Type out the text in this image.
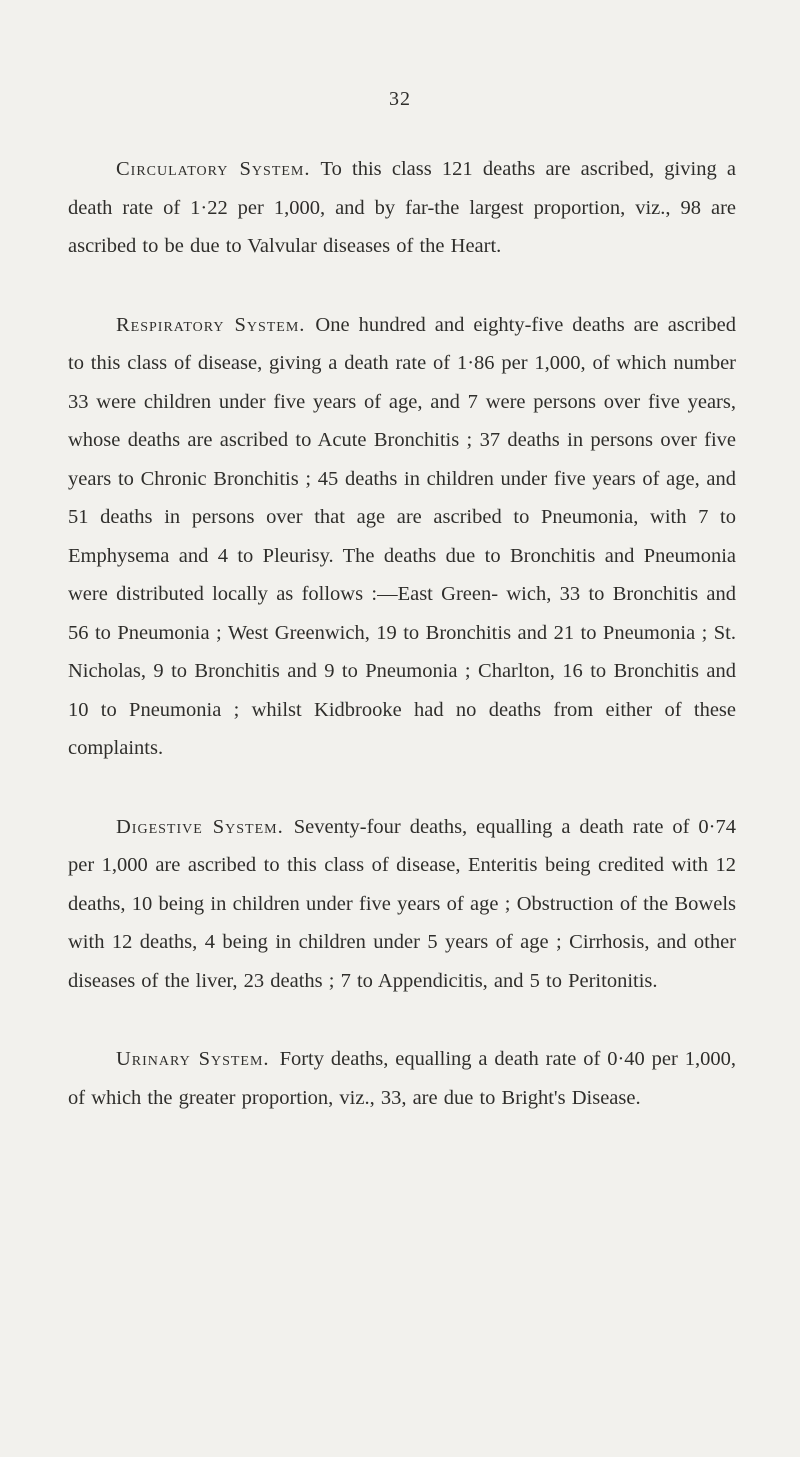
32

Circulatory System. To this class 121 deaths are ascribed, giving a death rate of 1·22 per 1,000, and by far-the largest proportion, viz., 98 are ascribed to be due to Valvular diseases of the Heart.

Respiratory System. One hundred and eighty-five deaths are ascribed to this class of disease, giving a death rate of 1·86 per 1,000, of which number 33 were children under five years of age, and 7 were persons over five years, whose deaths are ascribed to Acute Bronchitis ; 37 deaths in persons over five years to Chronic Bronchitis ; 45 deaths in children under five years of age, and 51 deaths in persons over that age are ascribed to Pneumonia, with 7 to Emphysema and 4 to Pleurisy. The deaths due to Bronchitis and Pneumonia were distributed locally as follows :—East Green- wich, 33 to Bronchitis and 56 to Pneumonia ; West Greenwich, 19 to Bronchitis and 21 to Pneumonia ; St. Nicholas, 9 to Bronchitis and 9 to Pneumonia ; Charlton, 16 to Bronchitis and 10 to Pneumonia ; whilst Kidbrooke had no deaths from either of these complaints.

Digestive System. Seventy-four deaths, equalling a death rate of 0·74 per 1,000 are ascribed to this class of disease, Enteritis being credited with 12 deaths, 10 being in children under five years of age ; Obstruction of the Bowels with 12 deaths, 4 being in children under 5 years of age ; Cirrhosis, and other diseases of the liver, 23 deaths ; 7 to Appendicitis, and 5 to Peritonitis.

Urinary System. Forty deaths, equalling a death rate of 0·40 per 1,000, of which the greater proportion, viz., 33, are due to Bright's Disease.
